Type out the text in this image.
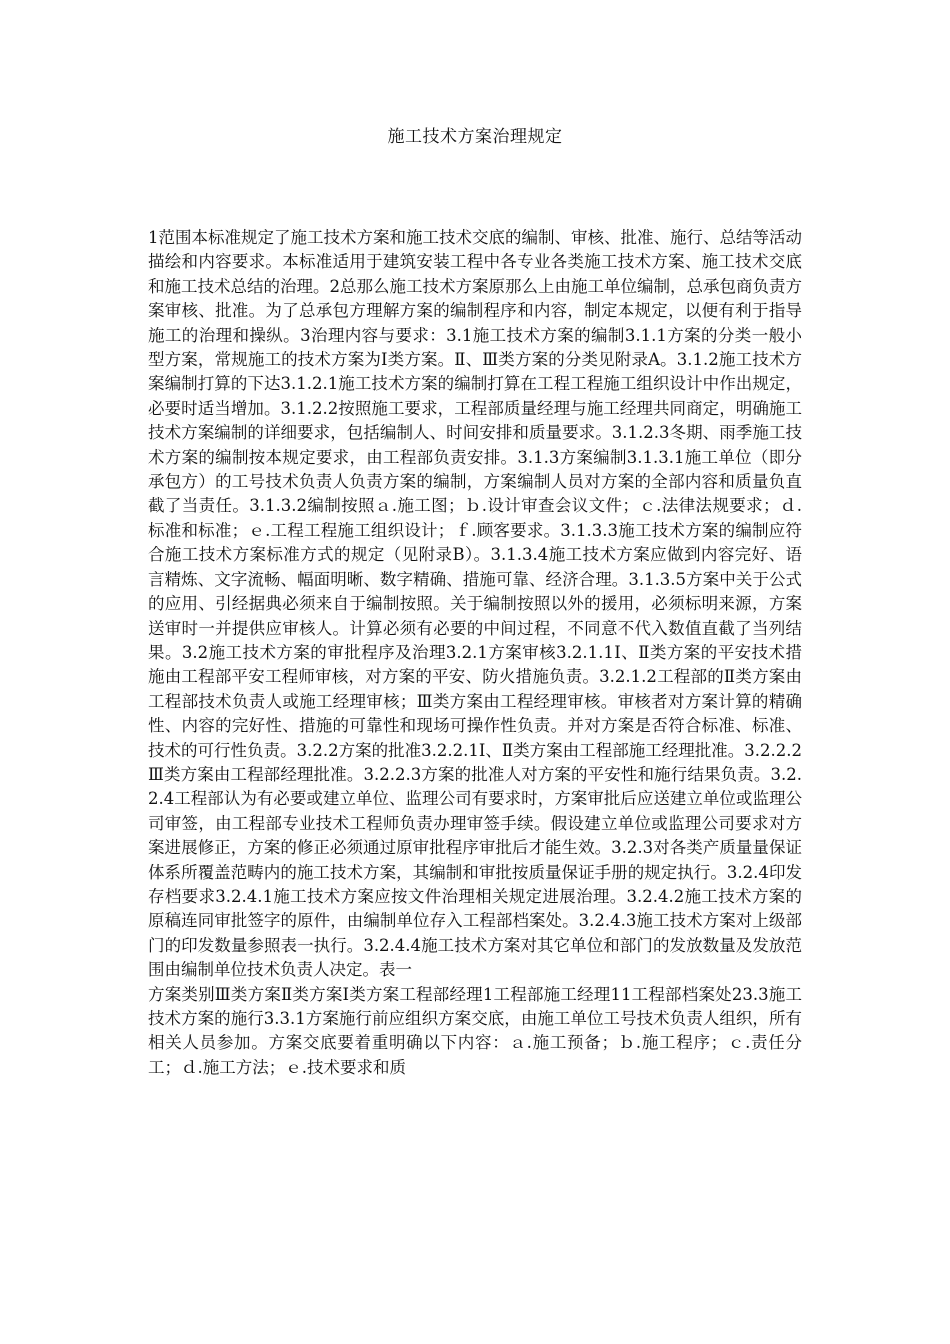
施工技术方案治理规定

1范围本标准规定了施工技术方案和施工技术交底的编制、审核、批准、施行、总结等活动描绘和内容要求。本标准适用于建筑安装工程中各专业各类施工技术方案、施工技术交底和施工技术总结的治理。2总那么施工技术方案原那么上由施工单位编制，总承包商负责方案审核、批准。为了总承包方理解方案的编制程序和内容，制定本规定，以便有利于指导施工的治理和操纵。3治理内容与要求：3.1施工技术方案的编制3.1.1方案的分类一般小型方案，常规施工的技术方案为Ⅰ类方案。Ⅱ、Ⅲ类方案的分类见附录A。3.1.2施工技术方案编制打算的下达3.1.2.1施工技术方案的编制打算在工程工程施工组织设计中作出规定，必要时适当增加。3.1.2.2按照施工要求，工程部质量经理与施工经理共同商定，明确施工技术方案编制的详细要求，包括编制人、时间安排和质量要求。3.1.2.3冬期、雨季施工技术方案的编制按本规定要求，由工程部负责安排。3.1.3方案编制3.1.3.1施工单位（即分承包方）的工号技术负责人负责方案的编制，方案编制人员对方案的全部内容和质量负直截了当责任。3.1.3.2编制按照ａ.施工图；ｂ.设计审查会议文件；ｃ.法律法规要求；ｄ.标准和标准；ｅ.工程工程施工组织设计；ｆ.顾客要求。3.1.3.3施工技术方案的编制应符合施工技术方案标准方式的规定（见附录B）。3.1.3.4施工技术方案应做到内容完好、语言精炼、文字流畅、幅面明晰、数字精确、措施可靠、经济合理。3.1.3.5方案中关于公式的应用、引经据典必须来自于编制按照。关于编制按照以外的援用，必须标明来源，方案送审时一并提供应审核人。计算必须有必要的中间过程，不同意不代入数值直截了当列结果。3.2施工技术方案的审批程序及治理3.2.1方案审核3.2.1.1Ⅰ、Ⅱ类方案的平安技术措施由工程部平安工程师审核，对方案的平安、防火措施负责。3.2.1.2工程部的Ⅱ类方案由工程部技术负责人或施工经理审核；Ⅲ类方案由工程经理审核。审核者对方案计算的精确性、内容的完好性、措施的可靠性和现场可操作性负责。并对方案是否符合标准、标准、技术的可行性负责。3.2.2方案的批准3.2.2.1Ⅰ、Ⅱ类方案由工程部施工经理批准。3.2.2.2Ⅲ类方案由工程部经理批准。3.2.2.3方案的批准人对方案的平安性和施行结果负责。3.2.2.4工程部认为有必要或建立单位、监理公司有要求时，方案审批后应送建立单位或监理公司审签，由工程部专业技术工程师负责办理审签手续。假设建立单位或监理公司要求对方案进展修正，方案的修正必须通过原审批程序审批后才能生效。3.2.3对各类产质量量保证体系所覆盖范畴内的施工技术方案，其编制和审批按质量保证手册的规定执行。3.2.4印发存档要求3.2.4.1施工技术方案应按文件治理相关规定进展治理。3.2.4.2施工技术方案的原稿连同审批签字的原件，由编制单位存入工程部档案处。3.2.4.3施工技术方案对上级部门的印发数量参照表一执行。3.2.4.4施工技术方案对其它单位和部门的发放数量及发放范围由编制单位技术负责人决定。表一

方案类别Ⅲ类方案Ⅱ类方案Ⅰ类方案工程部经理1工程部施工经理11工程部档案处23.3施工技术方案的施行3.3.1方案施行前应组织方案交底，由施工单位工号技术负责人组织，所有相关人员参加。方案交底要着重明确以下内容：ａ.施工预备；ｂ.施工程序；ｃ.责任分工；ｄ.施工方法；ｅ.技术要求和质
